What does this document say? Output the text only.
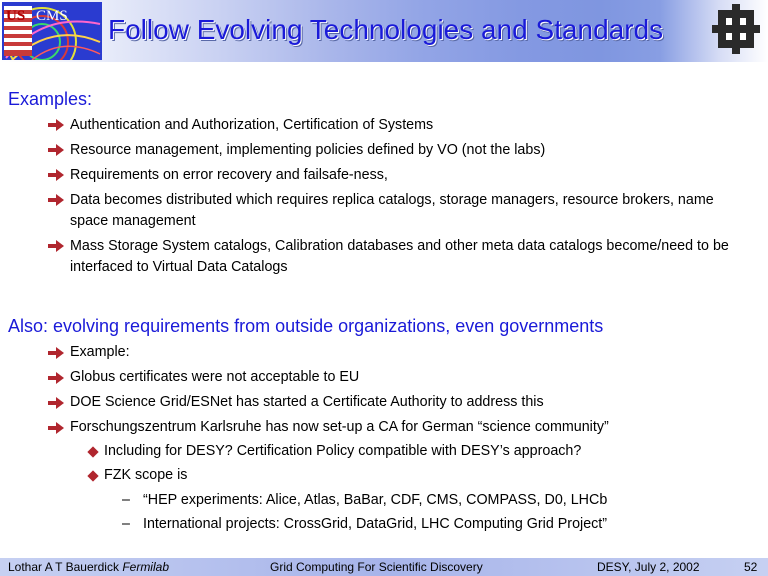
US CMS Follow Evolving Technologies and Standards
Examples:
Authentication and Authorization, Certification of Systems
Resource management, implementing policies defined by VO (not the labs)
Requirements on error recovery and failsafe-ness,
Data becomes distributed which requires replica catalogs, storage managers, resource brokers, name space management
Mass Storage System catalogs, Calibration databases and other meta data catalogs become/need to be interfaced to Virtual Data Catalogs
Also: evolving requirements from outside organizations, even governments
Example:
Globus certificates were not acceptable to EU
DOE Science Grid/ESNet has started a Certificate Authority to address this
Forschungszentrum Karlsruhe has now set-up a CA for German “science community”
Including for DESY? Certification Policy compatible with DESY’s approach?
FZK scope is
– “HEP experiments: Alice, Atlas, BaBar, CDF, CMS, COMPASS, D0, LHCb
– International projects: CrossGrid, DataGrid, LHC Computing Grid Project”
Lothar A T Bauerdick Fermilab	Grid Computing For Scientific Discovery	DESY, July 2, 2002	52
